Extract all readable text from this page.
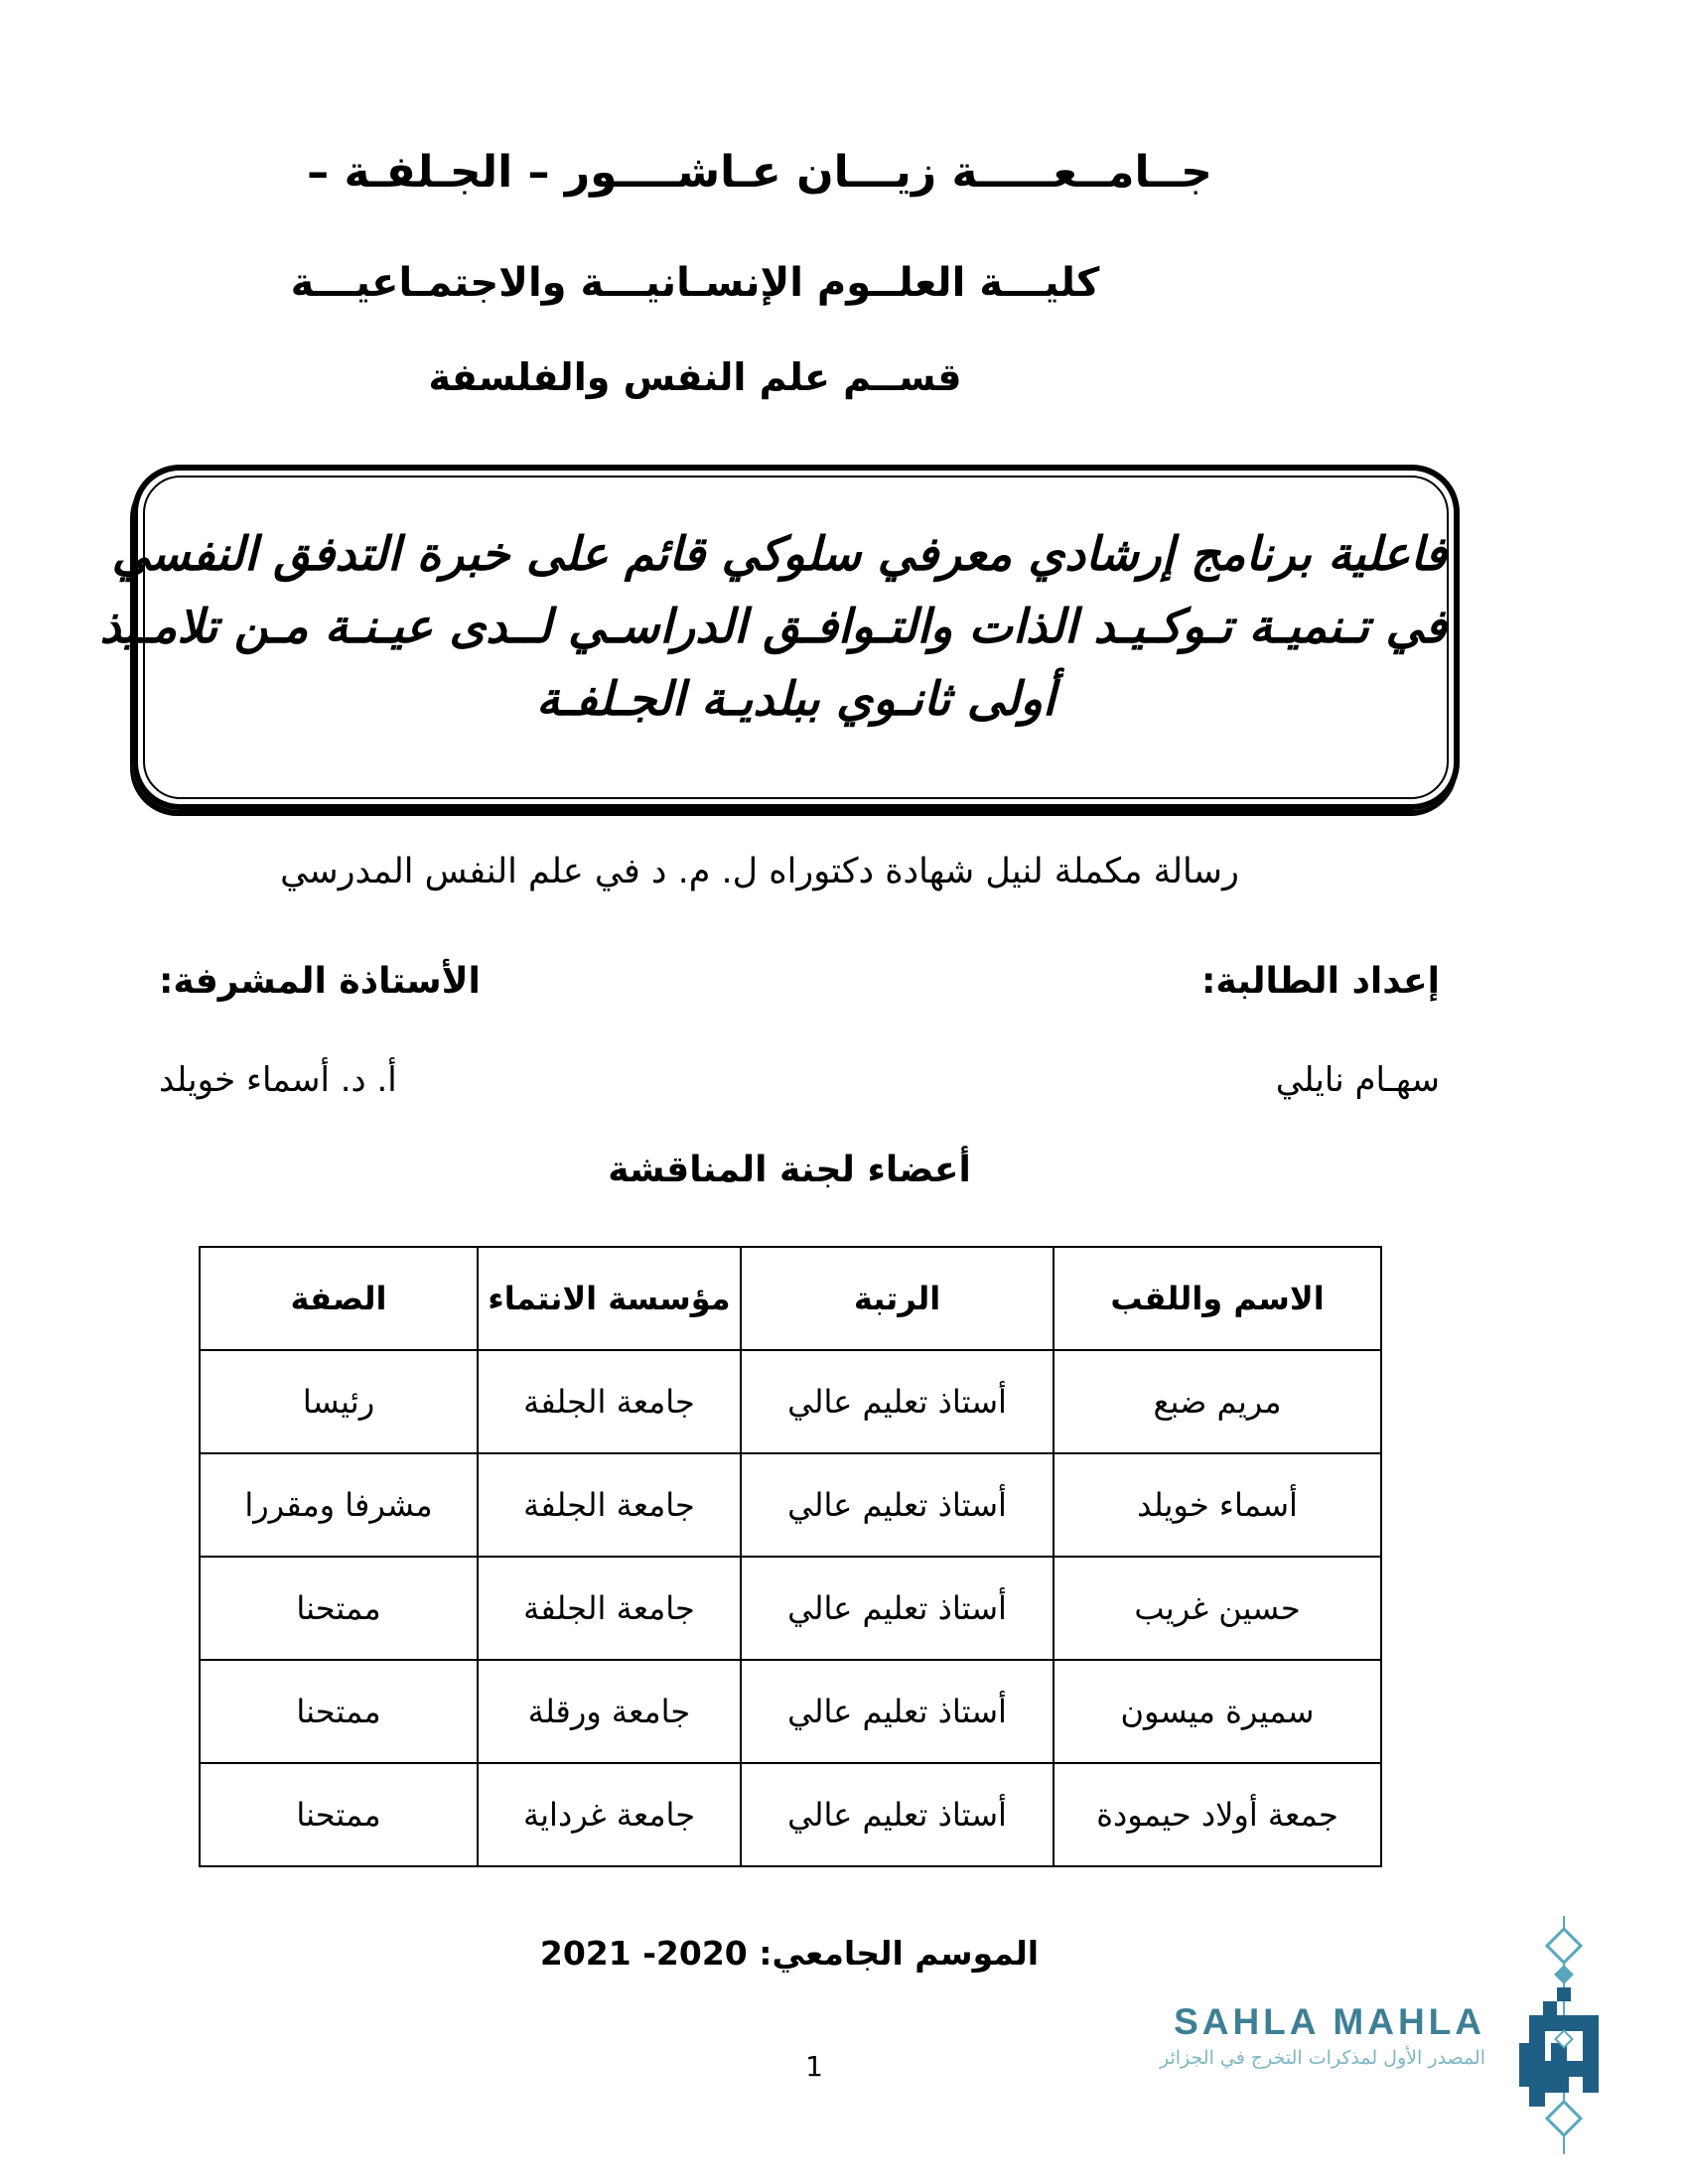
جــامــعـــــة زيـــان عـاشــــور – الجـلفـة –
كليـــة العلــوم الإنسـانيـــة والاجتمـاعيـــة
قســم علم النفس والفلسفة
فاعلية برنامج إرشادي معرفي سلوكي قائم على خبرة التدفق النفسي
في تـنميـة تـوكـيـد الذات والتـوافـق الدراسـي لــدى عيـنـة مـن تلامـيذ
أولى ثانـوي ببلديـة الجـلفـة
رسالة مكملة لنيل شهادة دكتوراه ل. م. د في علم النفس المدرسي
إعداد الطالبة:
الأستاذة المشرفة:
سهـام نايلي
أ. د. أسماء خويلد
أعضاء لجنة المناقشة
الاسم واللقب	الرتبة	مؤسسة الانتماء	الصفة
مريم ضبع	أستاذ تعليم عالي	جامعة الجلفة	رئيسا
أسماء خويلد	أستاذ تعليم عالي	جامعة الجلفة	مشرفا ومقررا
حسين غريب	أستاذ تعليم عالي	جامعة الجلفة	ممتحنا
سميرة ميسون	أستاذ تعليم عالي	جامعة ورقلة	ممتحنا
جمعة أولاد حيمودة	أستاذ تعليم عالي	جامعة غرداية	ممتحنا
الموسم الجامعي: 2020- 2021
1
SAHLA MAHLA
المصدر الأول لمذكرات التخرج في الجزائر
